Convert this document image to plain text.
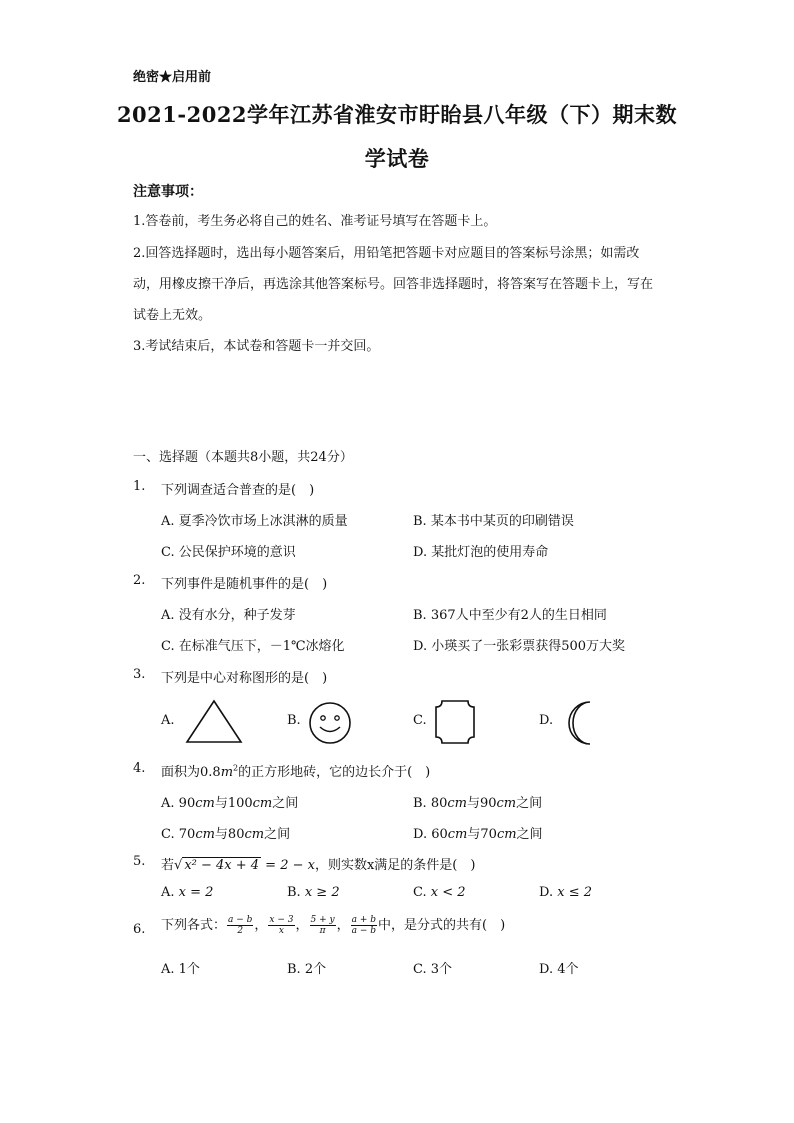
绝密★启用前
2021-2022学年江苏省淮安市盱眙县八年级（下）期末数
学试卷
注意事项：
1.答卷前，考生务必将自己的姓名、准考证号填写在答题卡上。
2.回答选择题时，选出每小题答案后，用铅笔把答题卡对应题目的答案标号涂黑；如需改动，用橡皮擦干净后，再选涂其他答案标号。回答非选择题时，将答案写在答题卡上，写在试卷上无效。
3.考试结束后，本试卷和答题卡一并交回。
一、选择题（本题共8小题，共24分）
1. 下列调查适合普查的是(　)
A. 夏季冷饮市场上冰淇淋的质量	B. 某本书中某页的印刷错误
C. 公民保护环境的意识	D. 某批灯泡的使用寿命
2. 下列事件是随机事件的是(　)
A. 没有水分，种子发芽	B. 367人中至少有2人的生日相同
C. 在标准气压下，－1℃冰熔化	D. 小瑛买了一张彩票获得500万大奖
3. 下列是中心对称图形的是(　)
A.	B.	C.	D.
4. 面积为$0.8m^2$的正方形地砖，它的边长介于(　)
A. 90cm与100cm之间	B. 80cm与90cm之间
C. 70cm与80cm之间	D. 60cm与70cm之间
5. 若√ x² − 4x + 4 = 2 − x，则实数x满足的条件是(　)
A. x = 2	B. x ≥ 2	C. x < 2	D. x ≤ 2
6. 下列各式： $\frac{a - b}{2}$ ， $\frac{x - 3}{x}$ ， $\frac{5 + y}{\pi}$ ， $\frac{a + b}{a - b}$ 中，是分式的共有(　)
A. 1个	B. 2个	C. 3个	D. 4个
